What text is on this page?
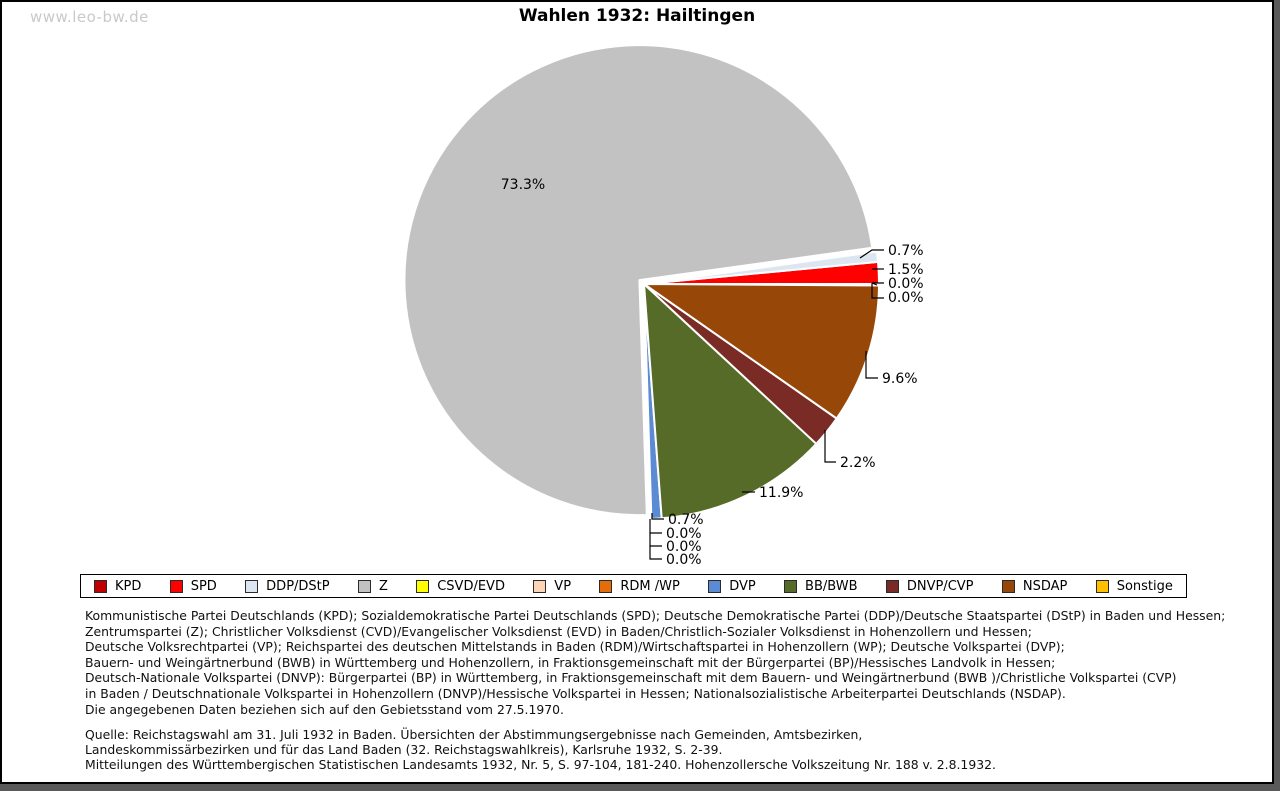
www.leo-bw.de	Wahlen 1932: Hailtingen
73.3%
0.7%
1.5%
0.0%
0.0%
9.6%
2.2%
11.9%
0.7%
0.0%
0.0%
0.0%
KPD	SPD	DDP/DStP	Z	CSVD/EVD	VP	RDM /WP	DVP	BB/BWB	DNVP/CVP	NSDAP	Sonstige
Kommunistische Partei Deutschlands (KPD); Sozialdemokratische Partei Deutschlands (SPD); Deutsche Demokratische Partei (DDP)/Deutsche Staatspartei (DStP) in Baden und Hessen;
Zentrumspartei (Z); Christlicher Volksdienst (CVD)/Evangelischer Volksdienst (EVD) in Baden/Christlich-Sozialer Volksdienst in Hohenzollern und Hessen;
Deutsche Volksrechtpartei (VP); Reichspartei des deutschen Mittelstands in Baden (RDM)/Wirtschaftspartei in Hohenzollern (WP); Deutsche Volkspartei (DVP);
Bauern- und Weingärtnerbund (BWB) in Württemberg und Hohenzollern, in Fraktionsgemeinschaft mit der Bürgerpartei (BP)/Hessisches Landvolk in Hessen;
Deutsch-Nationale Volkspartei (DNVP): Bürgerpartei (BP) in Württemberg, in Fraktionsgemeinschaft mit dem Bauern- und Weingärtnerbund (BWB )/Christliche Volkspartei (CVP)
in Baden / Deutschnationale Volkspartei in Hohenzollern (DNVP)/Hessische Volkspartei in Hessen; Nationalsozialistische Arbeiterpartei Deutschlands (NSDAP).
Die angegebenen Daten beziehen sich auf den Gebietsstand vom 27.5.1970.
Quelle: Reichstagswahl am 31. Juli 1932 in Baden. Übersichten der Abstimmungsergebnisse nach Gemeinden, Amtsbezirken,
Landeskommissärbezirken und für das Land Baden (32. Reichstagswahlkreis), Karlsruhe 1932, S. 2-39.
Mitteilungen des Württembergischen Statistischen Landesamts 1932, Nr. 5, S. 97-104, 181-240. Hohenzollersche Volkszeitung Nr. 188 v. 2.8.1932.
